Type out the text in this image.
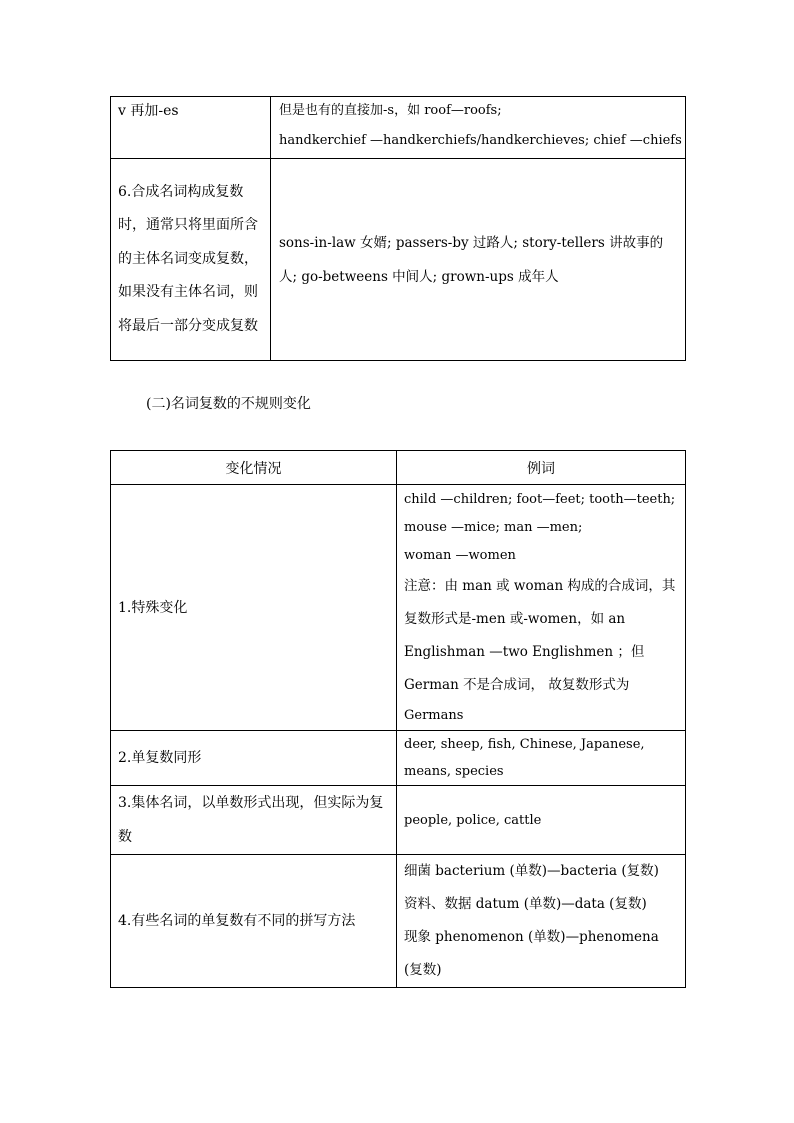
v 再加-es	但是也有的直接加-s，如 roof—roofs;
handkerchief —handkerchiefs/handkerchieves; chief —chiefs

6.合成名词构成复数时，通常只将里面所含的主体名词变成复数，如果没有主体名词，则将最后一部分变成复数	sons-in-law 女婿; passers-by 过路人; story-tellers 讲故事的人; go-betweens 中间人; grown-ups 成年人
(二)名词复数的不规则变化
变化情况	例词

1.特殊变化	child —children; foot—feet; tooth—teeth;
mouse —mice; man —men;
woman —women
注意：由 man 或 woman 构成的合成词，其复数形式是-men 或-women，如 an Englishman —two Englishmen ；但 German 不是合成词， 故复数形式为
Germans

2.单复数同形	deer, sheep, fish, Chinese, Japanese,
means, species

3.集体名词，以单数形式出现，但实际为复数	people, police, cattle

4.有些名词的单复数有不同的拼写方法	细菌 bacterium (单数)—bacteria (复数)
资料、数据 datum (单数)—data (复数)
现象 phenomenon (单数)—phenomena
(复数)
